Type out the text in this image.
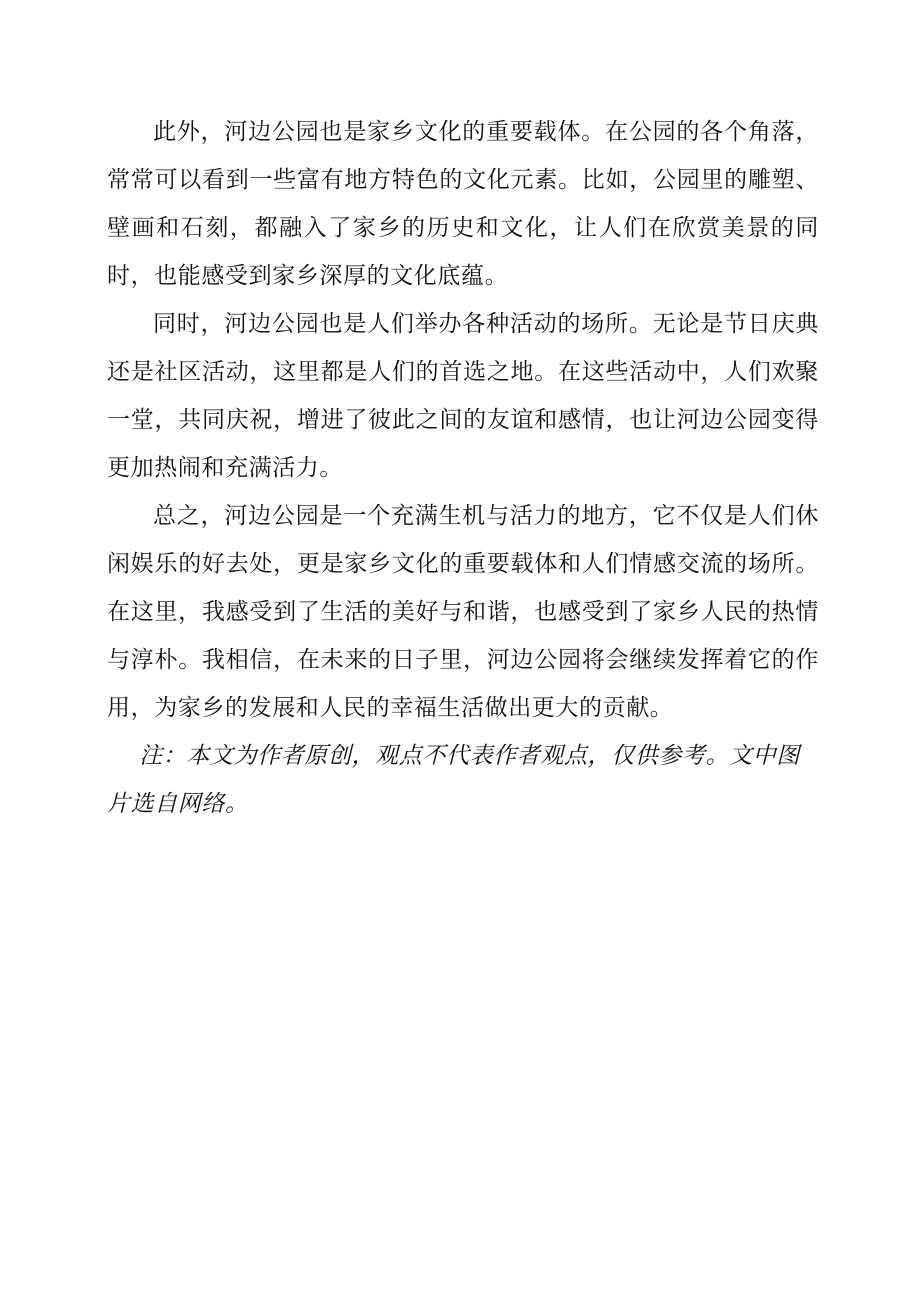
此外，河边公园也是家乡文化的重要载体。在公园的各个角落，常常可以看到一些富有地方特色的文化元素。比如，公园里的雕塑、壁画和石刻，都融入了家乡的历史和文化，让人们在欣赏美景的同时，也能感受到家乡深厚的文化底蕴。

同时，河边公园也是人们举办各种活动的场所。无论是节日庆典还是社区活动，这里都是人们的首选之地。在这些活动中，人们欢聚一堂，共同庆祝，增进了彼此之间的友谊和感情，也让河边公园变得更加热闹和充满活力。

总之，河边公园是一个充满生机与活力的地方，它不仅是人们休闲娱乐的好去处，更是家乡文化的重要载体和人们情感交流的场所。在这里，我感受到了生活的美好与和谐，也感受到了家乡人民的热情与淳朴。我相信，在未来的日子里，河边公园将会继续发挥着它的作用，为家乡的发展和人民的幸福生活做出更大的贡献。

注：本文为作者原创，观点不代表作者观点，仅供参考。文中图片选自网络。
